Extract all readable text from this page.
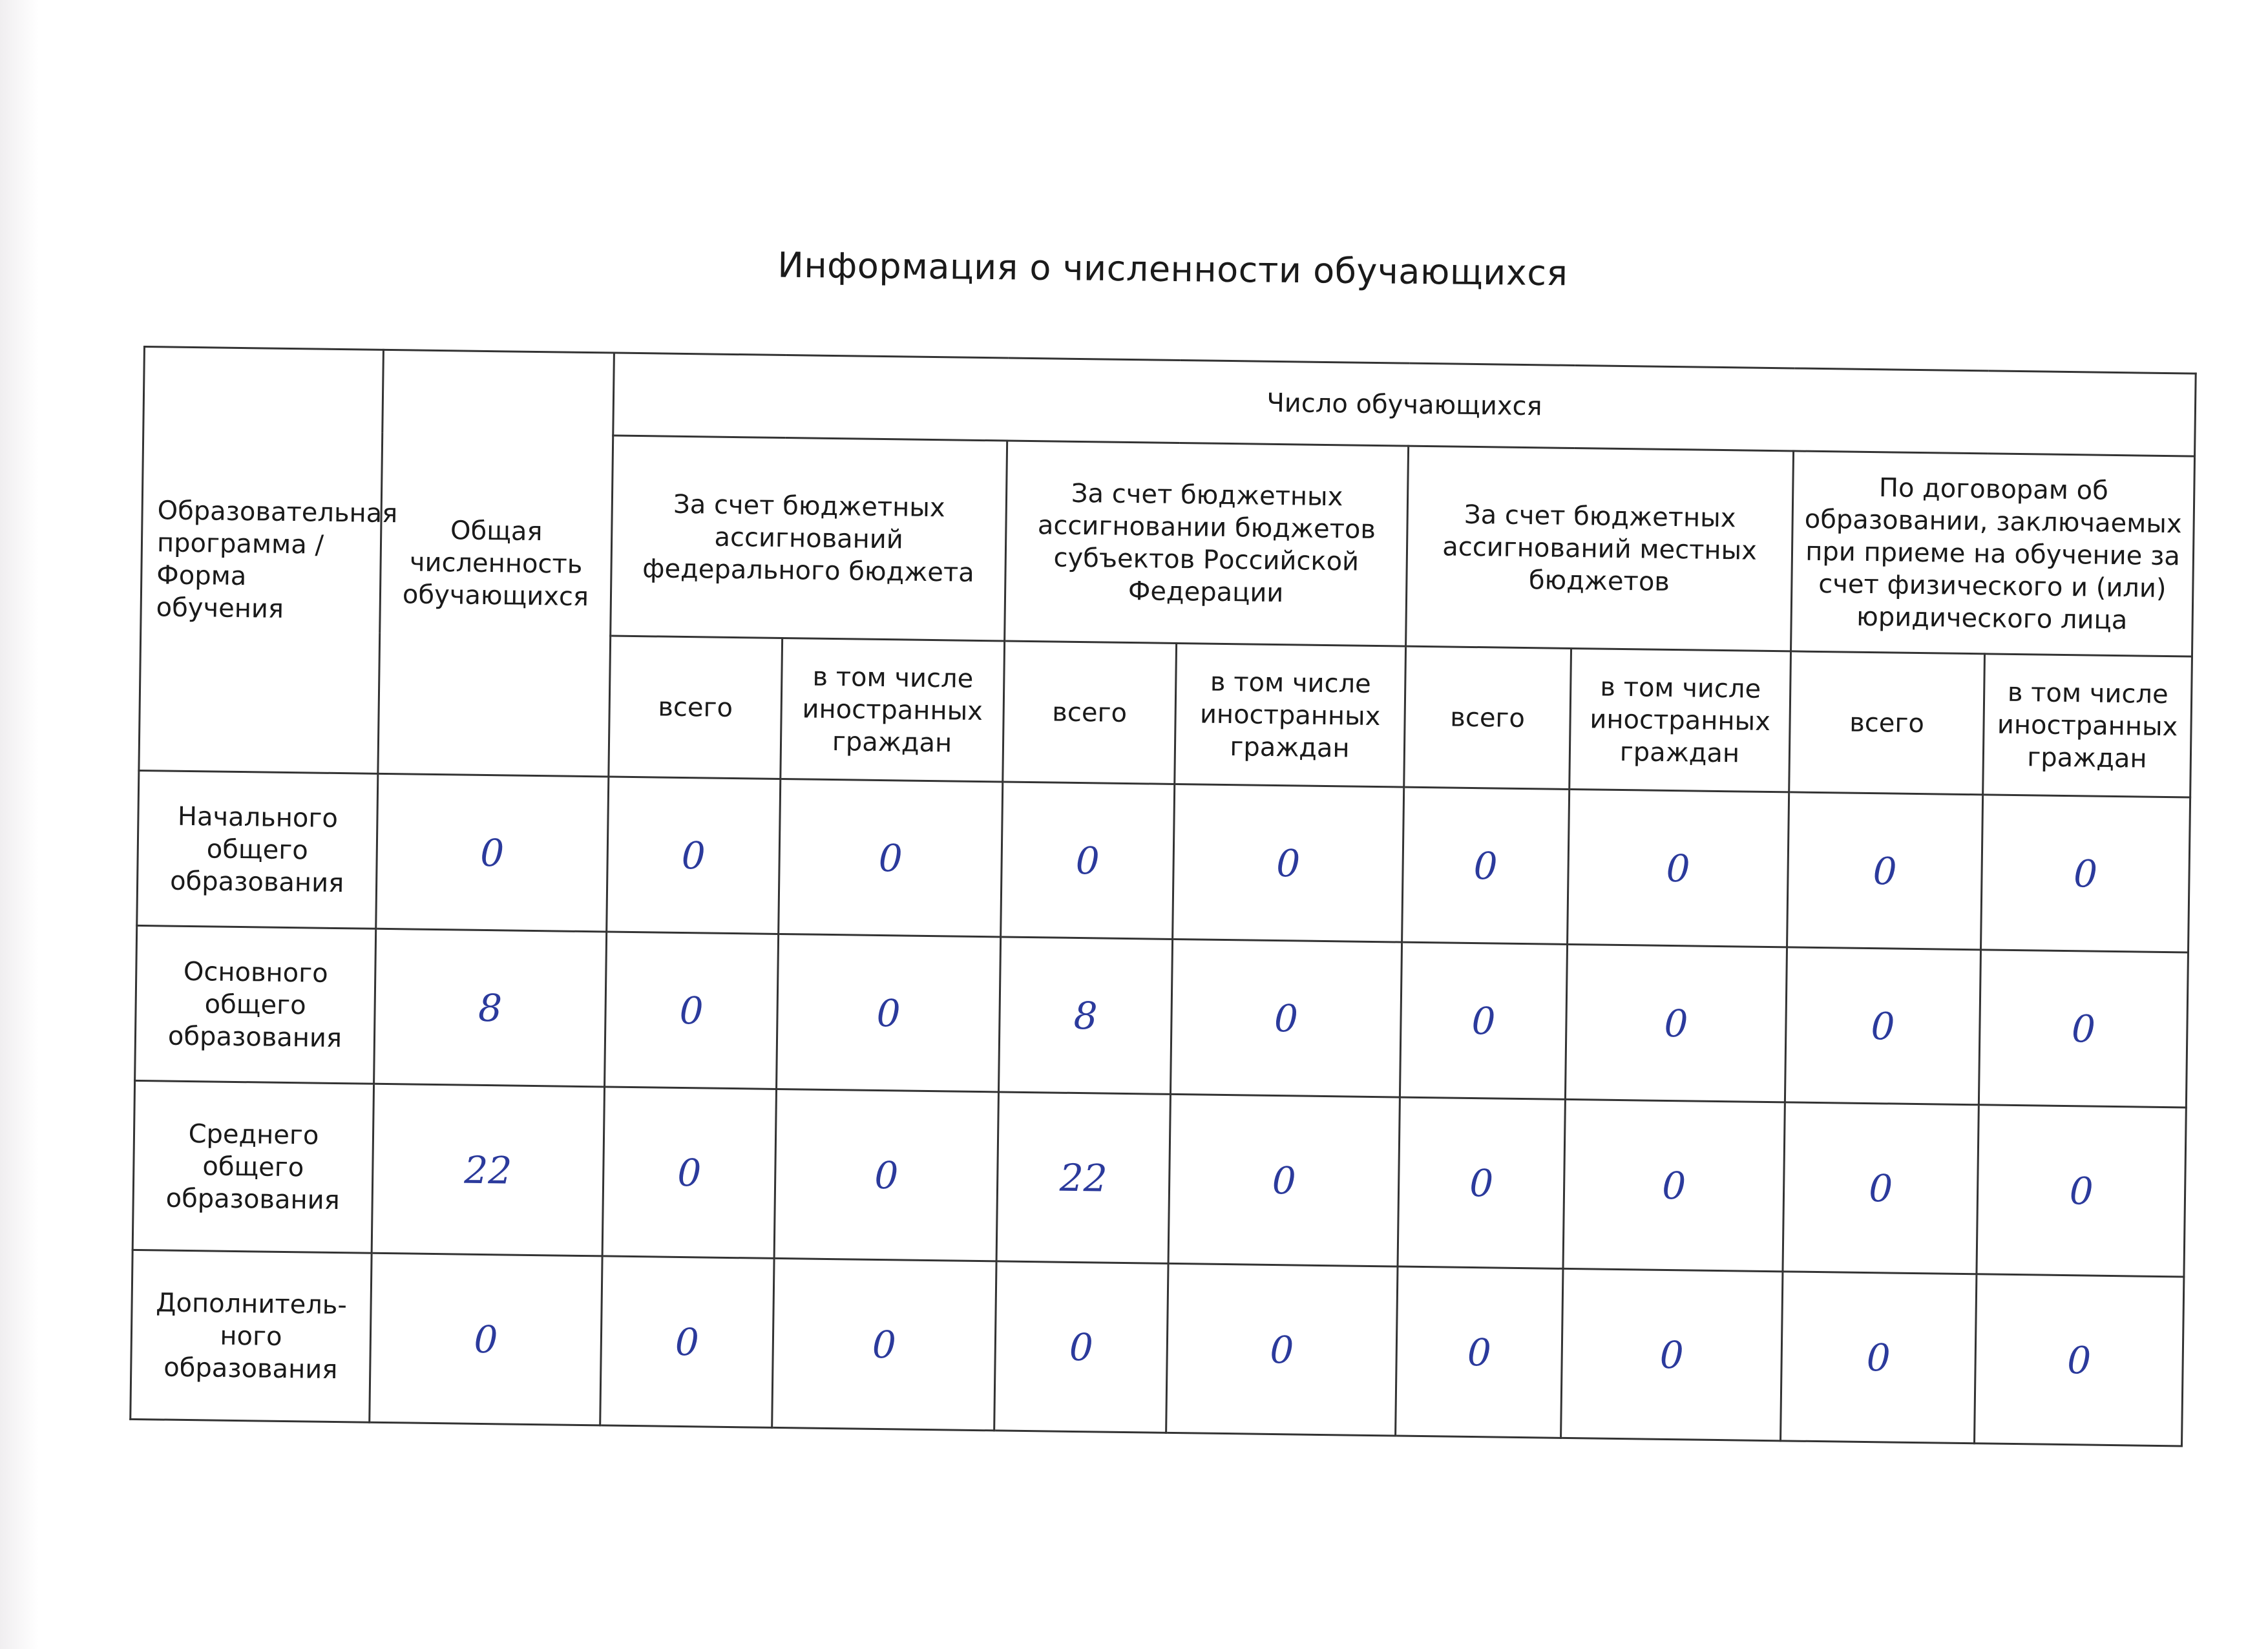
Информация о численности обучающихся
Образовательная программа / Форма обучения	Общая численность обучающихся	Число обучающихся							
		За счет бюджетных ассигнований федерального бюджета		За счет бюджетных ассигновании бюджетов субъектов Российской Федерации		За счет бюджетных ассигнований местных бюджетов		По договорам об образовании, заключаемых при приеме на обучение за счет физического и (или) юридического лица	
		всего	в том числе иностранных граждан	всего	в том числе иностранных граждан	всего	в том числе иностранных граждан	всего	в том числе иностранных граждан
Начального общего образования	0	0	0	0	0	0	0	0	0
Основного общего образования	8	0	0	8	0	0	0	0	0
Среднего общего образования	22	0	0	22	0	0	0	0	0
Дополнитель-ного образования	0	0	0	0	0	0	0	0	0
